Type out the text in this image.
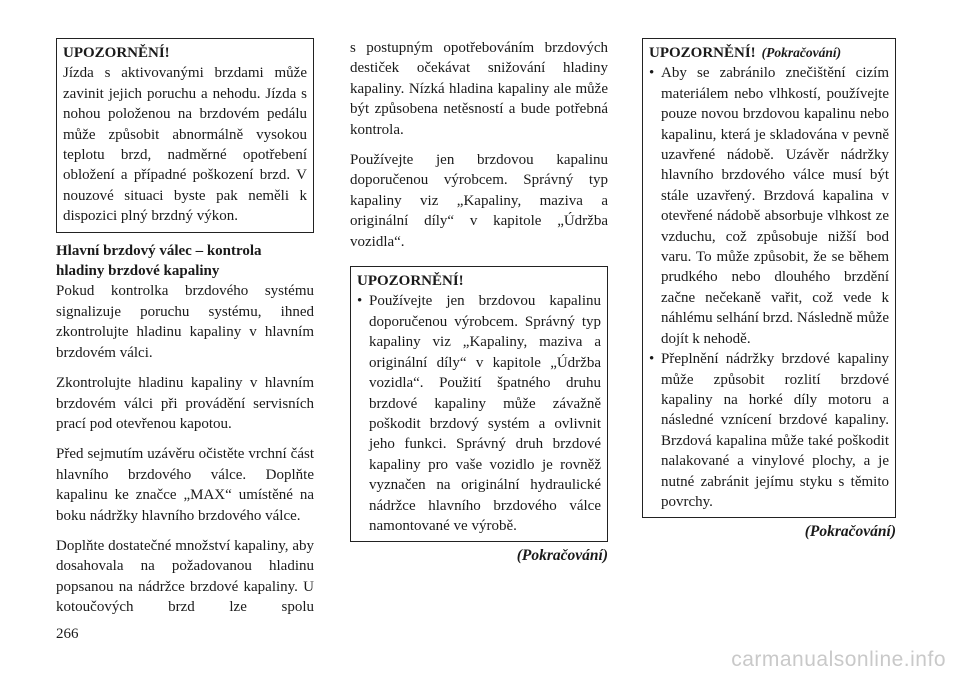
UPOZORNĚNÍ!
Jízda s aktivovanými brzdami může zavinit jejich poruchu a nehodu. Jízda s nohou položenou na brzdovém pedálu může způsobit abnormálně vysokou teplotu brzd, nadměrné opotřebení obložení a případné poškození brzd. V nouzové situaci byste pak neměli k dispozici plný brzdný výkon.
Hlavní brzdový válec – kontrola
hladiny brzdové kapaliny

Pokud kontrolka brzdového systému signalizuje poruchu systému, ihned zkontrolujte hladinu kapaliny v hlavním brzdovém válci.

Zkontrolujte hladinu kapaliny v hlavním brzdovém válci při provádění servisních prací pod otevřenou kapotou.

Před sejmutím uzávěru očistěte vrchní část hlavního brzdového válce. Doplňte kapalinu ke značce „MAX“ umístěné na boku nádržky hlavního brzdového válce.

Doplňte dostatečné množství kapaliny, aby dosahovala na požadovanou hladinu popsanou na nádržce brzdové kapaliny. U kotoučových brzd lze spolu

s postupným opotřebováním brzdových destiček očekávat snižování hladiny kapaliny. Nízká hladina kapaliny ale může být způsobena netěsností a bude potřebná kontrola.

Používejte jen brzdovou kapalinu doporučenou výrobcem. Správný typ kapaliny viz „Kapaliny, maziva a originální díly“ v kapitole „Údržba vozidla“.

UPOZORNĚNÍ!
• Používejte jen brzdovou kapalinu doporučenou výrobcem. Správný typ kapaliny viz „Kapaliny, maziva a originální díly“ v kapitole „Údržba vozidla“. Použití špatného druhu brzdové kapaliny může závažně poškodit brzdový systém a ovlivnit jeho funkci. Správný druh brzdové kapaliny pro vaše vozidlo je rovněž vyznačen na originální hydraulické nádržce hlavního brzdového válce namontované ve výrobě.
(Pokračování)
UPOZORNĚNÍ! (Pokračování)
• Aby se zabránilo znečištění cizím materiálem nebo vlhkostí, používejte pouze novou brzdovou kapalinu nebo kapalinu, která je skladována v pevně uzavřené nádobě. Uzávěr nádržky hlavního brzdového válce musí být stále uzavřený. Brzdová kapalina v otevřené nádobě absorbuje vlhkost ze vzduchu, což způsobuje nižší bod varu. To může způsobit, že se během prudkého nebo dlouhého brzdění začne nečekaně vařit, což vede k náhlému selhání brzd. Následně může dojít k nehodě.
• Přeplnění nádržky brzdové kapaliny může způsobit rozlití brzdové kapaliny na horké díly motoru a následné vznícení brzdové kapaliny. Brzdová kapalina může také poškodit nalakované a vinylové plochy, a je nutné zabránit jejímu styku s těmito povrchy.
(Pokračování)
266
carmanualsonline.info
